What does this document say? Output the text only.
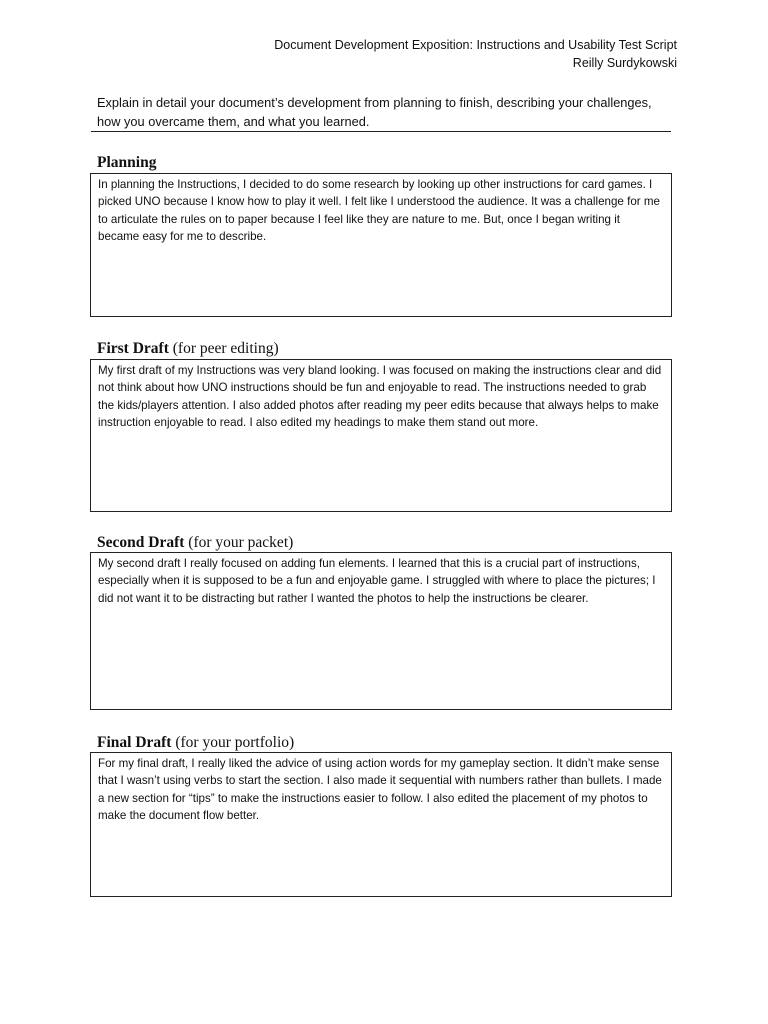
Document Development Exposition: Instructions and Usability Test Script
Reilly Surdykowski
Explain in detail your document’s development from planning to finish, describing your challenges, how you overcame them, and what you learned.
Planning
In planning the Instructions, I decided to do some research by looking up other instructions for card games. I picked UNO because I know how to play it well. I felt like I understood the audience. It was a challenge for me to articulate the rules on to paper because I feel like they are nature to me. But, once I began writing it became easy for me to describe.
First Draft (for peer editing)
My first draft of my Instructions was very bland looking. I was focused on making the instructions clear and did not think about how UNO instructions should be fun and enjoyable to read. The instructions needed to grab the kids/players attention. I also added photos after reading my peer edits because that always helps to make instruction enjoyable to read. I also edited my headings to make them stand out more.
Second Draft (for your packet)
My second draft I really focused on adding fun elements. I learned that this is a crucial part of instructions, especially when it is supposed to be a fun and enjoyable game. I struggled with where to place the pictures; I did not want it to be distracting but rather I wanted the photos to help the instructions be clearer.
Final Draft (for your portfolio)
For my final draft, I really liked the advice of using action words for my gameplay section. It didn’t make sense that I wasn’t using verbs to start the section. I also made it sequential with numbers rather than bullets. I made a new section for “tips” to make the instructions easier to follow. I also edited the placement of my photos to make the document flow better.
